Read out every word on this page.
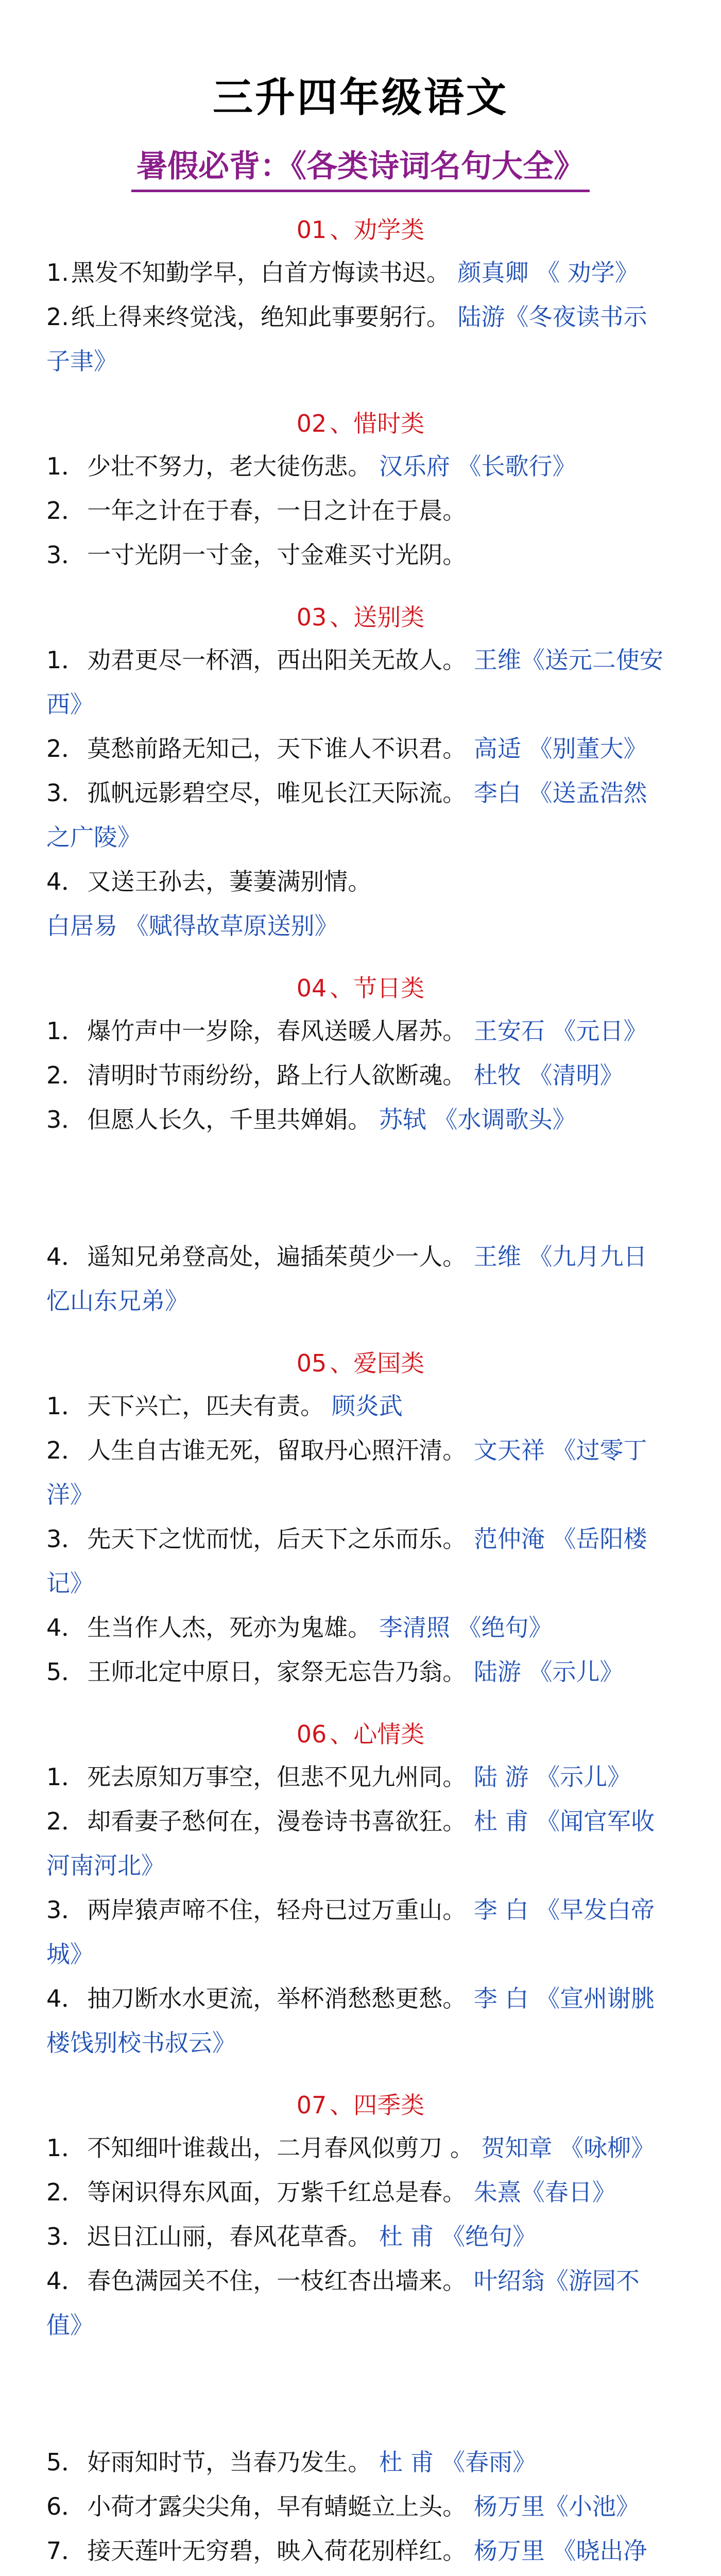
三升四年级语文
暑假必背：《各类诗词名句大全》
01 、劝学类
1.黑发不知勤学早，白首方悔读书迟。 颜真卿 《 劝学》
2.纸上得来终觉浅，绝知此事要躬行。 陆游《冬夜读书示子聿》
02 、惜时类
1．少壮不努力，老大徒伤悲。 汉乐府 《长歌行》
2．一年之计在于春，一日之计在于晨。
3．一寸光阴一寸金，寸金难买寸光阴。
03 、送别类
1．劝君更尽一杯酒，西出阳关无故人。 王维《送元二使安西》
2．莫愁前路无知己，天下谁人不识君。 高适 《别董大》
3．孤帆远影碧空尽，唯见长江天际流。 李白 《送孟浩然之广陵》
4．又送王孙去，萋萋满别情。 白居易 《赋得故草原送别》
04 、节日类
1．爆竹声中一岁除，春风送暖人屠苏。 王安石 《元日》
2．清明时节雨纷纷，路上行人欲断魂。 杜牧 《清明》
3．但愿人长久，千里共婵娟。 苏轼 《水调歌头》
4．遥知兄弟登高处，遍插茱萸少一人。 王维 《九月九日忆山东兄弟》
05 、爱国类
1．天下兴亡，匹夫有责。 顾炎武
2．人生自古谁无死，留取丹心照汗清。 文天祥 《过零丁洋》
3．先天下之忧而忧，后天下之乐而乐。 范仲淹 《岳阳楼记》
4．生当作人杰，死亦为鬼雄。 李清照 《绝句》
5．王师北定中原日，家祭无忘告乃翁。 陆游 《示儿》
06 、心情类
1．死去原知万事空，但悲不见九州同。 陆 游 《示儿》
2．却看妻子愁何在，漫卷诗书喜欲狂。 杜 甫 《闻官军收河南河北》
3．两岸猿声啼不住，轻舟已过万重山。 李 白 《早发白帝城》
4．抽刀断水水更流，举杯消愁愁更愁。 李 白 《宣州谢朓楼饯别校书叔云》
07 、四季类
1．不知细叶谁裁出，二月春风似剪刀 。 贺知章 《咏柳》
2．等闲识得东风面，万紫千红总是春。 朱熹《春日》
3．迟日江山丽，春风花草香。 杜 甫 《绝句》
4．春色满园关不住，一枝红杏出墙来。 叶绍翁《游园不值》
5．好雨知时节，当春乃发生。 杜 甫 《春雨》
6．小荷才露尖尖角，早有蜻蜓立上头。 杨万里《小池》
7．接天莲叶无穷碧，映入荷花别样红。 杨万里 《晓出净
